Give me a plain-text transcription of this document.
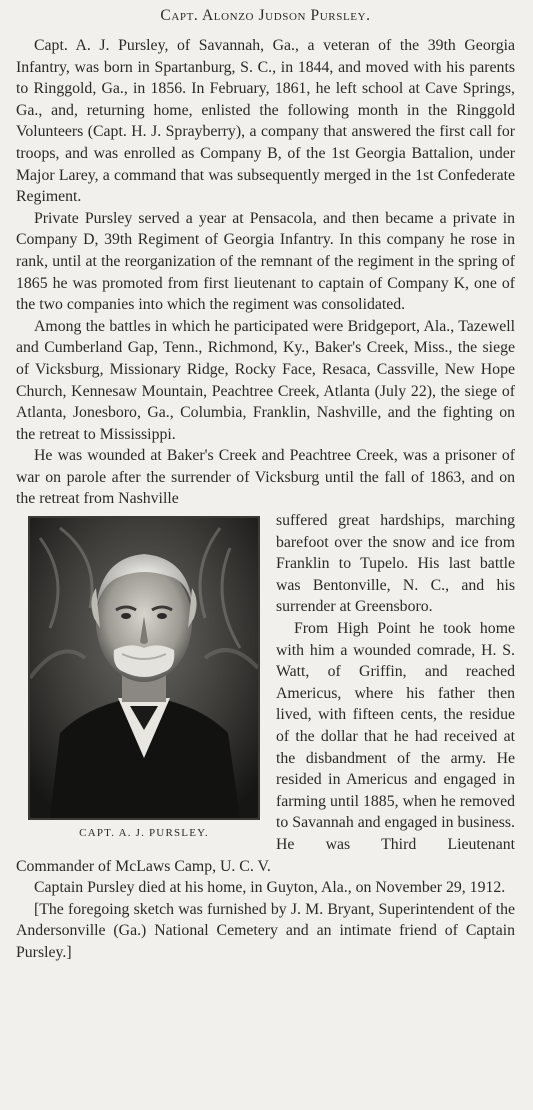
Capt. Alonzo Judson Pursley.

Capt. A. J. Pursley, of Savannah, Ga., a veteran of the 39th Georgia Infantry, was born in Spartanburg, S. C., in 1844, and moved with his parents to Ringgold, Ga., in 1856. In February, 1861, he left school at Cave Springs, Ga., and, returning home, enlisted the following month in the Ringgold Volunteers (Capt. H. J. Sprayberry), a company that answered the first call for troops, and was enrolled as Company B, of the 1st Georgia Battalion, under Major Larey, a command that was subsequently merged in the 1st Confederate Regiment.

Private Pursley served a year at Pensacola, and then became a private in Company D, 39th Regiment of Georgia Infantry. In this company he rose in rank, until at the reorganization of the remnant of the regiment in the spring of 1865 he was promoted from first lieutenant to captain of Company K, one of the two companies into which the regiment was consolidated.

Among the battles in which he participated were Bridgeport, Ala., Tazewell and Cumberland Gap, Tenn., Richmond, Ky., Baker's Creek, Miss., the siege of Vicksburg, Missionary Ridge, Rocky Face, Resaca, Cassville, New Hope Church, Kennesaw Mountain, Peachtree Creek, Atlanta (July 22), the siege of Atlanta, Jonesboro, Ga., Columbia, Franklin, Nashville, and the fighting on the retreat to Mississippi.

He was wounded at Baker's Creek and Peachtree Creek, was a prisoner of war on parole after the surrender of Vicksburg until the fall of 1863, and on the retreat from Nashville

CAPT. A. J. PURSLEY.

suffered great hardships, marching barefoot over the snow and ice from Franklin to Tupelo. His last battle was Bentonville, N. C., and his surrender at Greensboro.

From High Point he took home with him a wounded comrade, H. S. Watt, of Griffin, and reached Americus, where his father then lived, with fifteen cents, the residue of the dollar that he had received at the disbandment of the army. He resided in Americus and engaged in farming until 1885, when he removed to Savannah and engaged in business. He was Third Lieutenant Commander of McLaws Camp, U. C. V.

Captain Pursley died at his home, in Guyton, Ala., on November 29, 1912.

[The foregoing sketch was furnished by J. M. Bryant, Superintendent of the Andersonville (Ga.) National Cemetery and an intimate friend of Captain Pursley.]
